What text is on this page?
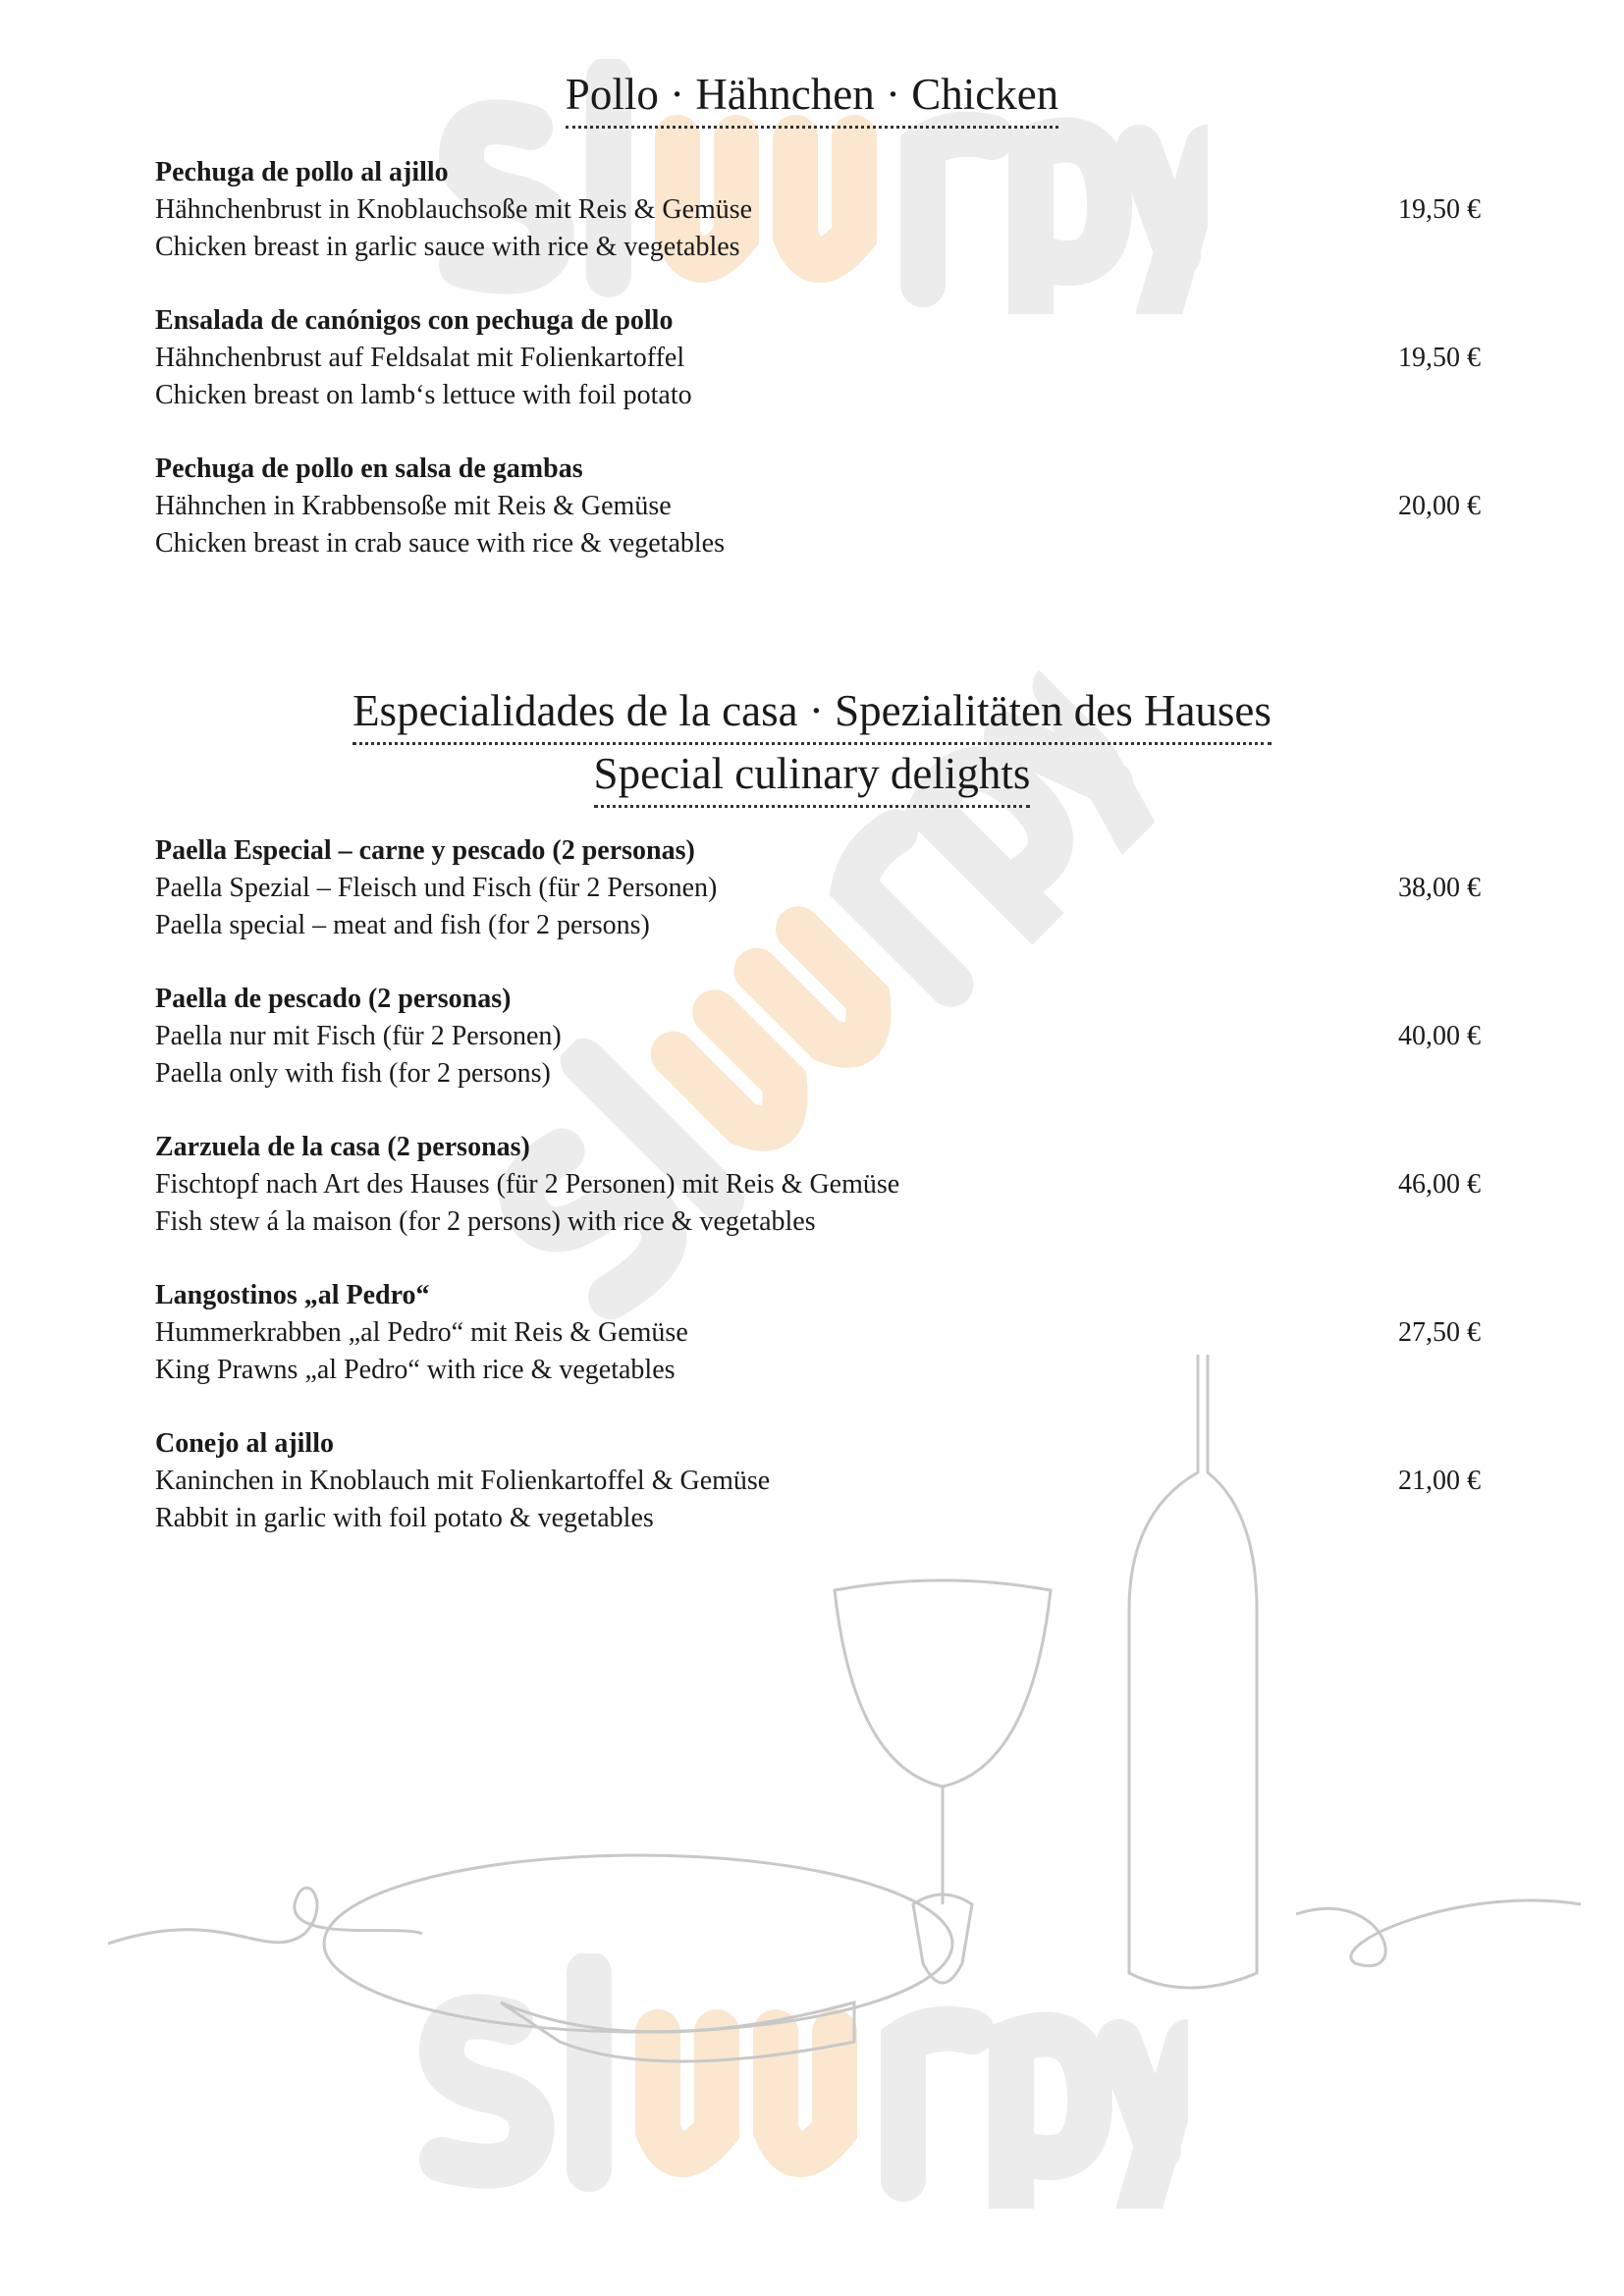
Pollo · Hähnchen · Chicken
Pechuga de pollo al ajillo
Hähnchenbrust in Knoblauchsoße mit Reis & Gemüse
Chicken breast in garlic sauce with rice & vegetables
19,50 €
Ensalada de canónigos con pechuga de pollo
Hähnchenbrust auf Feldsalat mit Folienkartoffel
Chicken breast on lamb‘s lettuce with foil potato
19,50 €
Pechuga de pollo en salsa de gambas
Hähnchen in Krabbensoße mit Reis & Gemüse
Chicken breast in crab sauce with rice & vegetables
20,00 €
Especialidades de la casa · Spezialitäten des Hauses
Special culinary delights
Paella Especial – carne y pescado (2 personas)
Paella Spezial – Fleisch und Fisch (für 2 Personen)
Paella special – meat and fish (for 2 persons)
38,00 €
Paella de pescado (2 personas)
Paella nur mit Fisch (für 2 Personen)
Paella only with fish (for 2 persons)
40,00 €
Zarzuela de la casa (2 personas)
Fischtopf nach Art des Hauses (für 2 Personen) mit Reis & Gemüse
Fish stew á la maison (for 2 persons) with rice & vegetables
46,00 €
Langostinos „al Pedro“
Hummerkrabben „al Pedro“ mit Reis & Gemüse
King Prawns „al Pedro“ with rice & vegetables
27,50 €
Conejo al ajillo
Kaninchen in Knoblauch mit Folienkartoffel & Gemüse
Rabbit in garlic with foil potato & vegetables
21,00 €
